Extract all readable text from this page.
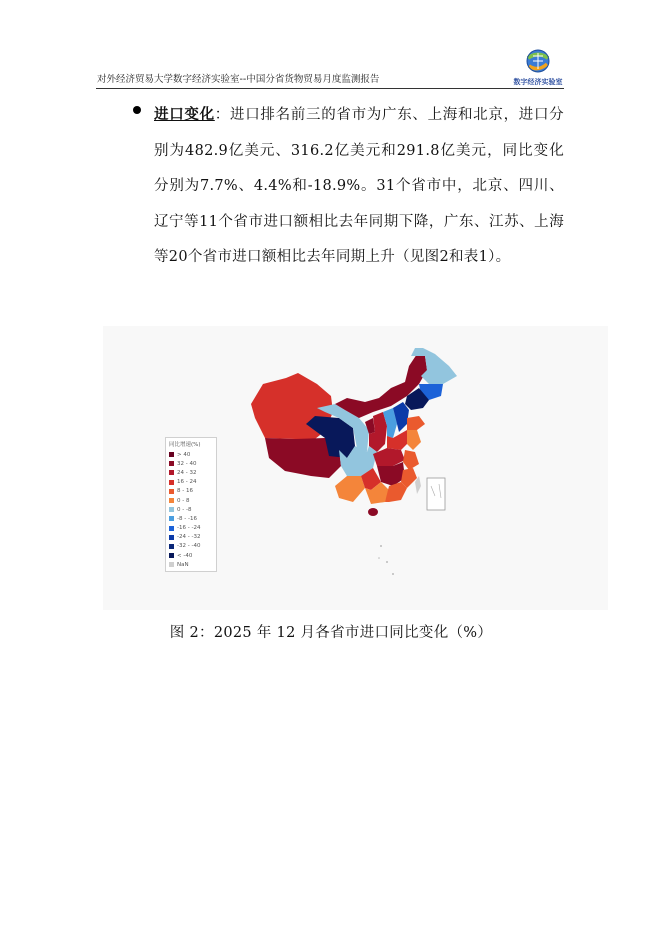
对外经济贸易大学数字经济实验室--中国分省货物贸易月度监测报告	数字经济实验室
进口变化：进口排名前三的省市为广东、上海和北京，进口分别为482.9亿美元、316.2亿美元和291.8亿美元，同比变化分别为7.7%、4.4%和-18.9%。31个省市中，北京、四川、辽宁等11个省市进口额相比去年同期下降，广东、江苏、上海等20个省市进口额相比去年同期上升（见图2和表1）。
同比增速(%)
> 40
32 - 40
24 - 32
16 - 24
8 - 16
0 - 8
0 - -8
-8 - -16
-16 - -24
-24 - -32
-32 - -40
< -40
NaN
图 2：2025 年 12 月各省市进口同比变化（%）
